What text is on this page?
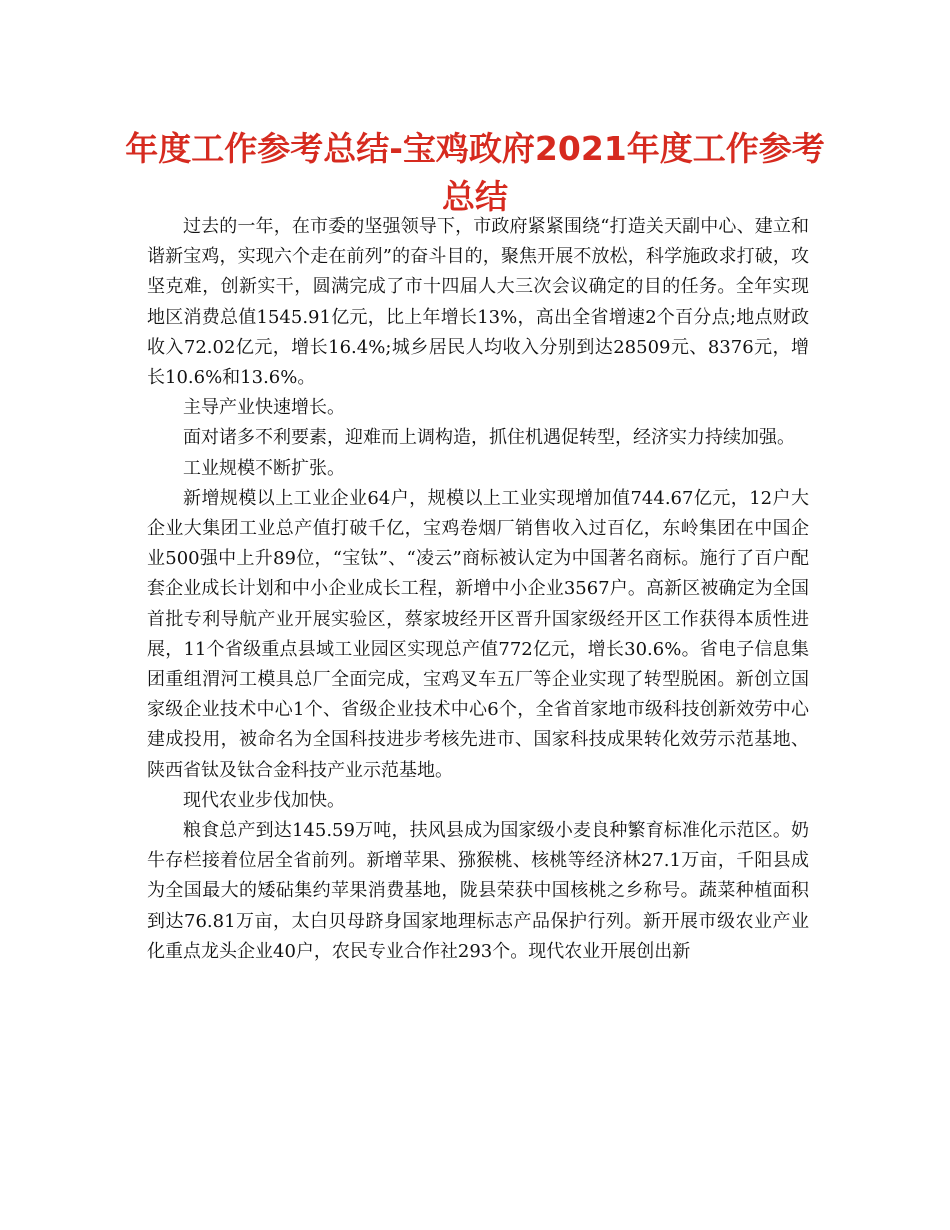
年度工作参考总结-宝鸡政府2021年度工作参考总结

过去的一年，在市委的坚强领导下，市政府紧紧围绕“打造关天副中心、建立和谐新宝鸡，实现六个走在前列”的奋斗目的，聚焦开展不放松，科学施政求打破，攻坚克难，创新实干，圆满完成了市十四届人大三次会议确定的目的任务。全年实现地区消费总值1545.91亿元，比上年增长13%，高出全省增速2个百分点;地点财政收入72.02亿元，增长16.4%;城乡居民人均收入分别到达28509元、8376元，增长10.6%和13.6%。

主导产业快速增长。

面对诸多不利要素，迎难而上调构造，抓住机遇促转型，经济实力持续加强。

工业规模不断扩张。

新增规模以上工业企业64户，规模以上工业实现增加值744.67亿元，12户大企业大集团工业总产值打破千亿，宝鸡卷烟厂销售收入过百亿，东岭集团在中国企业500强中上升89位，“宝钛”、“凌云”商标被认定为中国著名商标。施行了百户配套企业成长计划和中小企业成长工程，新增中小企业3567户。高新区被确定为全国首批专利导航产业开展实验区，蔡家坡经开区晋升国家级经开区工作获得本质性进展，11个省级重点县域工业园区实现总产值772亿元，增长30.6%。省电子信息集团重组渭河工模具总厂全面完成，宝鸡叉车五厂等企业实现了转型脱困。新创立国家级企业技术中心1个、省级企业技术中心6个，全省首家地市级科技创新效劳中心建成投用，被命名为全国科技进步考核先进市、国家科技成果转化效劳示范基地、陕西省钛及钛合金科技产业示范基地。

现代农业步伐加快。

粮食总产到达145.59万吨，扶风县成为国家级小麦良种繁育标准化示范区。奶牛存栏接着位居全省前列。新增苹果、猕猴桃、核桃等经济林27.1万亩，千阳县成为全国最大的矮砧集约苹果消费基地，陇县荣获中国核桃之乡称号。蔬菜种植面积到达76.81万亩，太白贝母跻身国家地理标志产品保护行列。新开展市级农业产业化重点龙头企业40户，农民专业合作社293个。现代农业开展创出新
